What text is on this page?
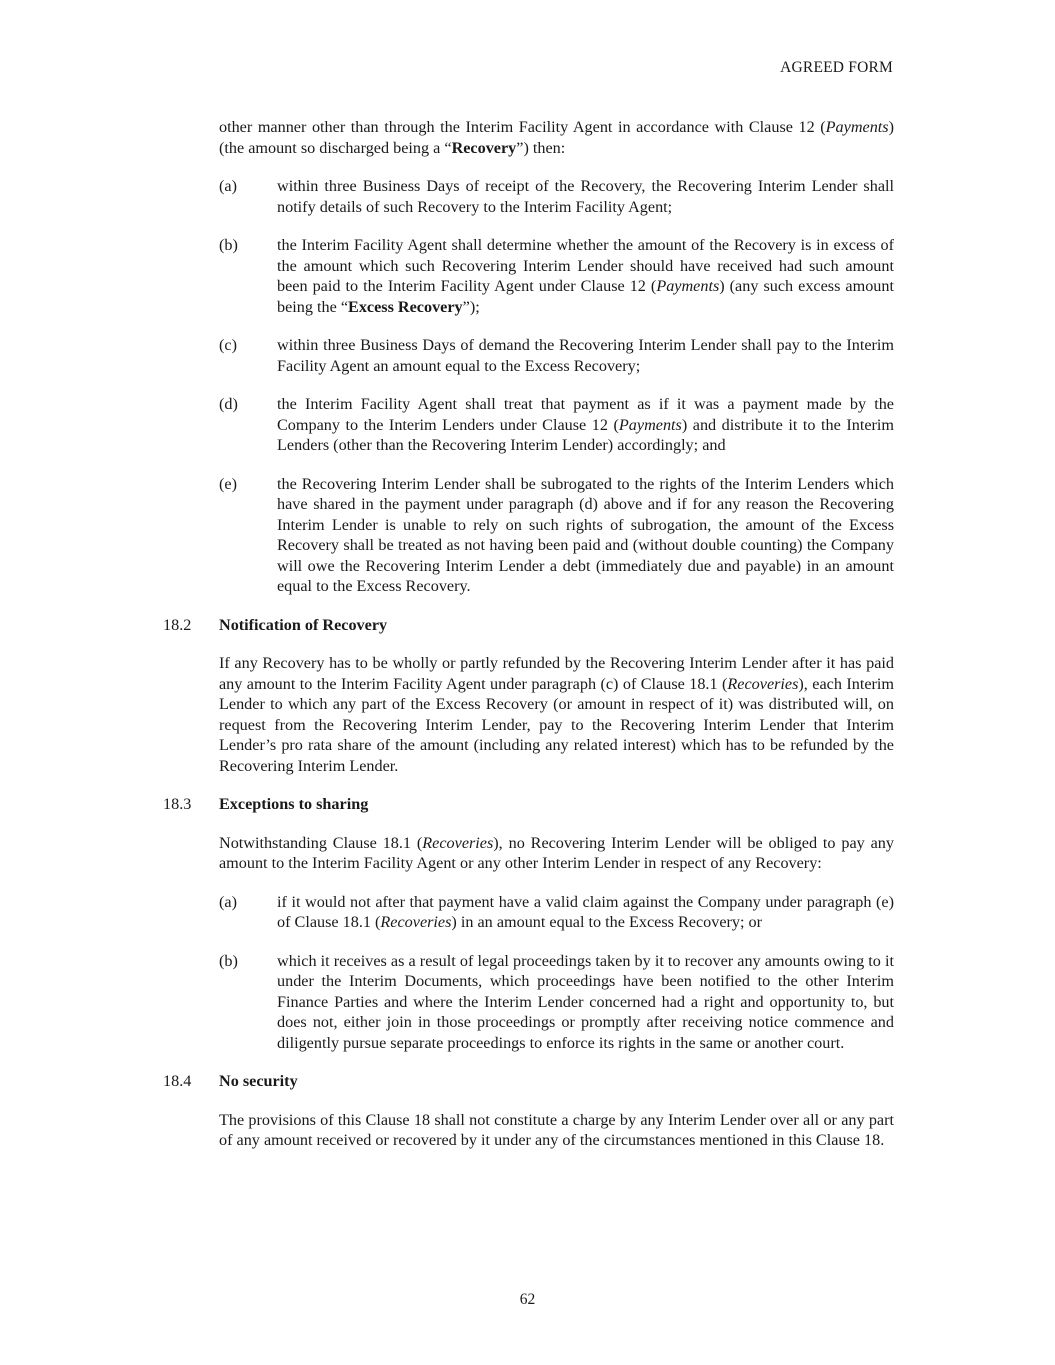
AGREED FORM

other manner other than through the Interim Facility Agent in accordance with Clause 12 (Payments) (the amount so discharged being a “Recovery”) then:

(a)	within three Business Days of receipt of the Recovery, the Recovering Interim Lender shall notify details of such Recovery to the Interim Facility Agent;
(b)	the Interim Facility Agent shall determine whether the amount of the Recovery is in excess of the amount which such Recovering Interim Lender should have received had such amount been paid to the Interim Facility Agent under Clause 12 (Payments) (any such excess amount being the “Excess Recovery”);
(c)	within three Business Days of demand the Recovering Interim Lender shall pay to the Interim Facility Agent an amount equal to the Excess Recovery;
(d)	the Interim Facility Agent shall treat that payment as if it was a payment made by the Company to the Interim Lenders under Clause 12 (Payments) and distribute it to the Interim Lenders (other than the Recovering Interim Lender) accordingly; and
(e)	the Recovering Interim Lender shall be subrogated to the rights of the Interim Lenders which have shared in the payment under paragraph (d) above and if for any reason the Recovering Interim Lender is unable to rely on such rights of subrogation, the amount of the Excess Recovery shall be treated as not having been paid and (without double counting) the Company will owe the Recovering Interim Lender a debt (immediately due and payable) in an amount equal to the Excess Recovery.
18.2	Notification of Recovery

If any Recovery has to be wholly or partly refunded by the Recovering Interim Lender after it has paid any amount to the Interim Facility Agent under paragraph (c) of Clause 18.1 (Recoveries), each Interim Lender to which any part of the Excess Recovery (or amount in respect of it) was distributed will, on request from the Recovering Interim Lender, pay to the Recovering Interim Lender that Interim Lender’s pro rata share of the amount (including any related interest) which has to be refunded by the Recovering Interim Lender.

18.3	Exceptions to sharing

Notwithstanding Clause 18.1 (Recoveries), no Recovering Interim Lender will be obliged to pay any amount to the Interim Facility Agent or any other Interim Lender in respect of any Recovery:

(a)	if it would not after that payment have a valid claim against the Company under paragraph (e) of Clause 18.1 (Recoveries) in an amount equal to the Excess Recovery; or
(b)	which it receives as a result of legal proceedings taken by it to recover any amounts owing to it under the Interim Documents, which proceedings have been notified to the other Interim Finance Parties and where the Interim Lender concerned had a right and opportunity to, but does not, either join in those proceedings or promptly after receiving notice commence and diligently pursue separate proceedings to enforce its rights in the same or another court.
18.4	No security

The provisions of this Clause 18 shall not constitute a charge by any Interim Lender over all or any part of any amount received or recovered by it under any of the circumstances mentioned in this Clause 18.

62
